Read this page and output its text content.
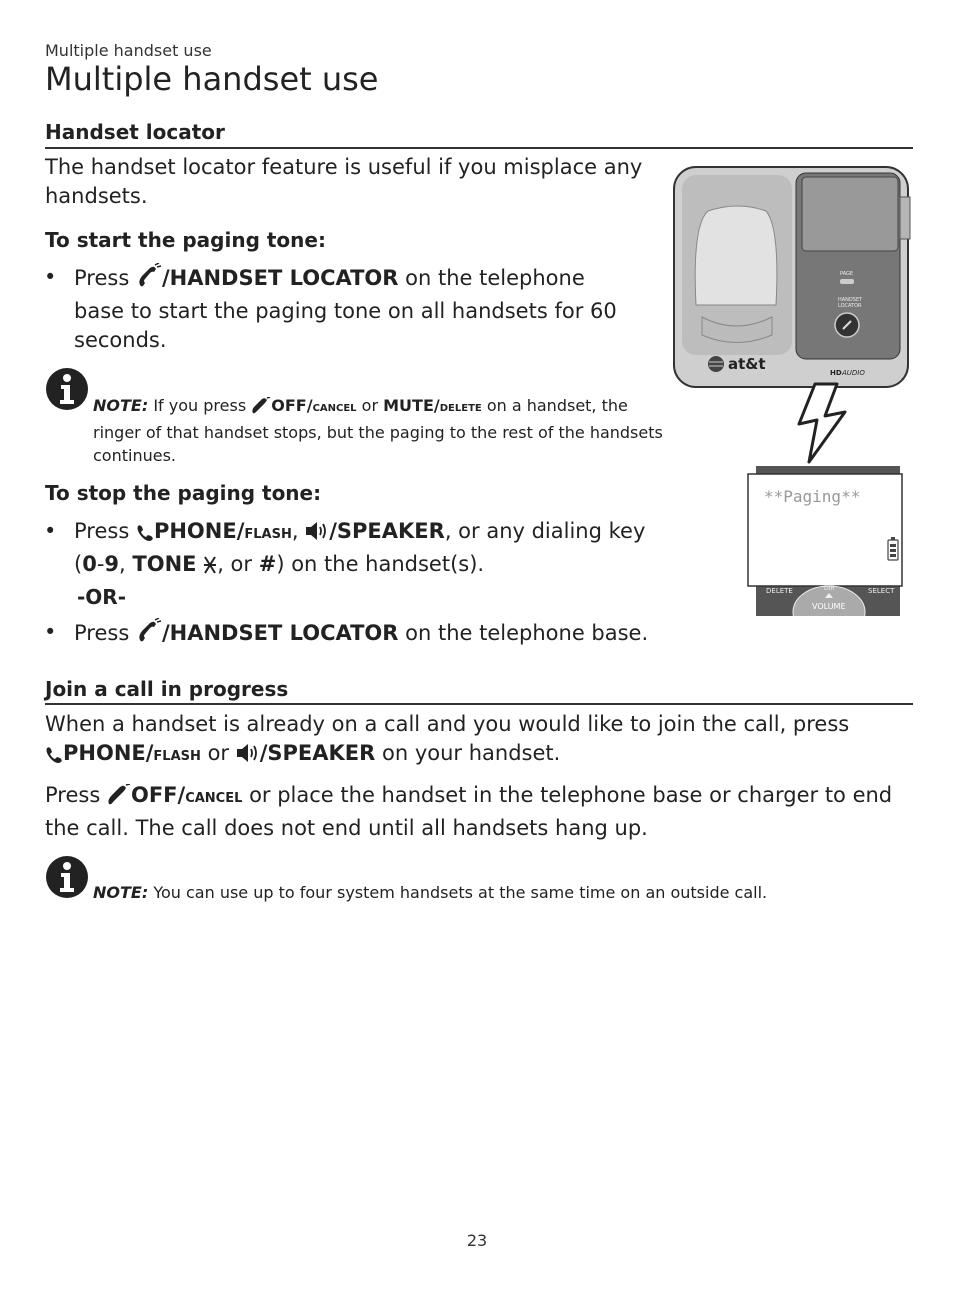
Multiple handset use
Multiple handset use
Handset locator
The handset locator feature is useful if you misplace any handsets.
To start the paging tone:
• Press /HANDSET LOCATOR on the telephone base to start the paging tone on all handsets for 60 seconds.
NOTE: If you press OFF/cancel or MUTE/delete on a handset, the ringer of that handset stops, but the paging to the rest of the handsets continues.
To stop the paging tone:
• Press PHONE/flash, /SPEAKER, or any dialing key
(0-9, TONE , or #) on the handset(s).
-OR-
• Press /HANDSET LOCATOR on the telephone base.
at&t	HD AUDIO
PAGE
HANDSET
LOCATOR
**Paging**
DELETE	SELECT
DIR
VOLUME
Join a call in progress
When a handset is already on a call and you would like to join the call, press
PHONE/flash or /SPEAKER on your handset.
Press OFF/cancel or place the handset in the telephone base or charger to end the call. The call does not end until all handsets hang up.
NOTE: You can use up to four system handsets at the same time on an outside call.
23
